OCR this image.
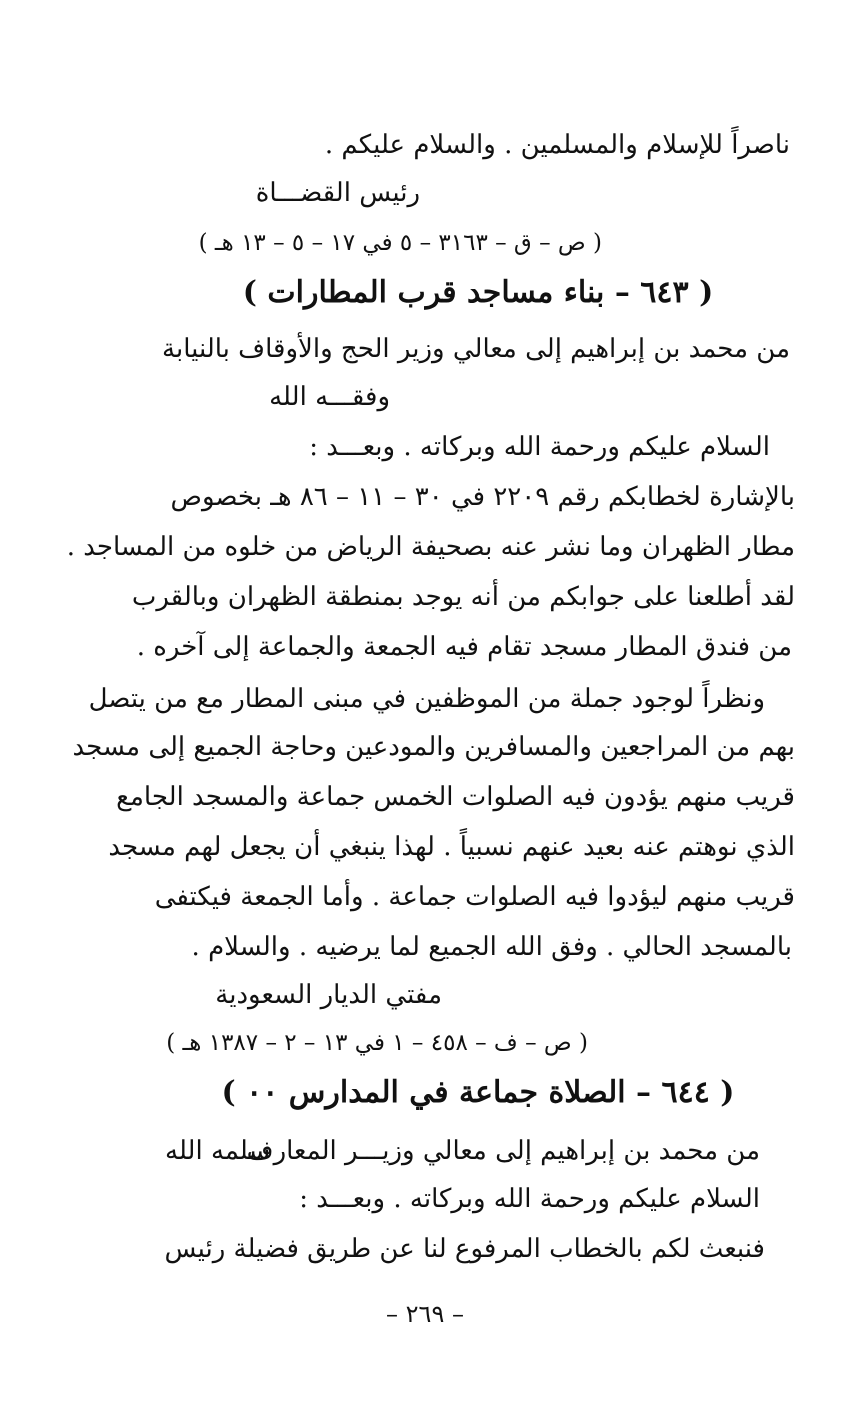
ناصراً للإسلام والمسلمين . والسلام عليكم .
رئيس القضـــاة
( ص – ق – ٣١٦٣ – ٥ في ١٧ – ٥ – ١٣ هـ )
( ٦٤٣ – بناء مساجد قرب المطارات )
من محمد بن إبراهيم إلى معالي وزير الحج والأوقاف بالنيابة
وفقـــه الله
السلام عليكم ورحمة الله وبركاته . وبعـــد :
بالإشارة لخطابكم رقم ٢٢٠٩ في ٣٠ – ١١ – ٨٦ هـ بخصوص
مطار الظهران وما نشر عنه بصحيفة الرياض من خلوه من المساجد .
لقد أطلعنا على جوابكم من أنه يوجد بمنطقة الظهران وبالقرب
من فندق المطار مسجد تقام فيه الجمعة والجماعة إلى آخره .
ونظراً لوجود جملة من الموظفين في مبنى المطار مع من يتصل
بهم من المراجعين والمسافرين والمودعين وحاجة الجميع إلى مسجد
قريب منهم يؤدون فيه الصلوات الخمس جماعة والمسجد الجامع
الذي نوهتم عنه بعيد عنهم نسبياً . لهذا ينبغي أن يجعل لهم مسجد
قريب منهم ليؤدوا فيه الصلوات جماعة . وأما الجمعة فيكتفى
بالمسجد الحالي . وفق الله الجميع لما يرضيه . والسلام .
مفتي الديار السعودية
( ص – ف – ٤٥٨ – ١ في ١٣ – ٢ – ١٣٨٧ هـ )
( ٦٤٤ – الصلاة جماعة في المدارس ٠٠ )
من محمد بن إبراهيم إلى معالي وزيـــر المعارف
سلمه الله
السلام عليكم ورحمة الله وبركاته . وبعـــد :
فنبعث لكم بالخطاب المرفوع لنا عن طريق فضيلة رئيس
– ٢٦٩ –
